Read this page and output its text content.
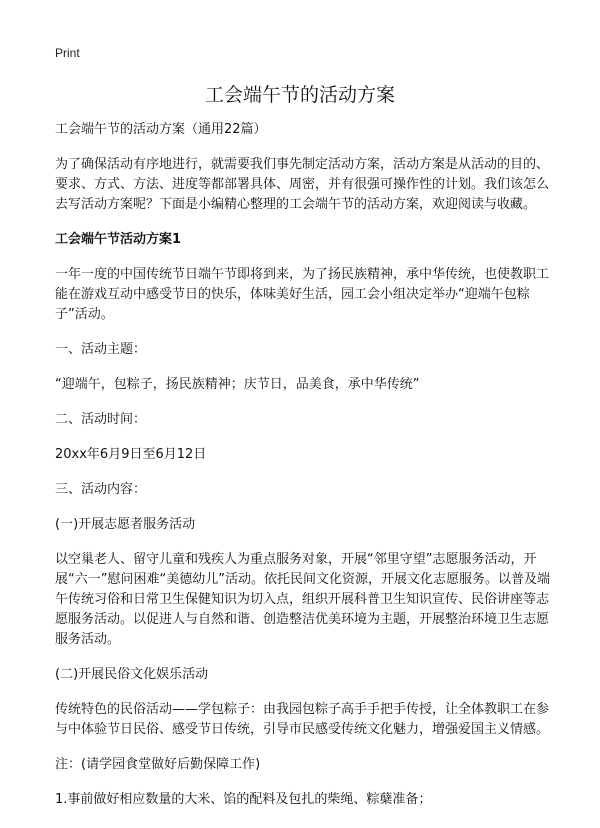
Print
工会端午节的活动方案

工会端午节的活动方案（通用22篇）

为了确保活动有序地进行，就需要我们事先制定活动方案，活动方案是从活动的目的、要求、方式、方法、进度等都部署具体、周密，并有很强可操作性的计划。我们该怎么去写活动方案呢？下面是小编精心整理的工会端午节的活动方案，欢迎阅读与收藏。

工会端午节活动方案1

一年一度的中国传统节日端午节即将到来，为了扬民族精神，承中华传统，也使教职工能在游戏互动中感受节日的快乐，体味美好生活，园工会小组决定举办“迎端午包粽子”活动。

一、活动主题：

“迎端午，包粽子，扬民族精神；庆节日，品美食，承中华传统”

二、活动时间：

20xx年6月9日至6月12日

三、活动内容：

(一)开展志愿者服务活动

以空巢老人、留守儿童和残疾人为重点服务对象，开展“邻里守望”志愿服务活动，开展“六一”慰问困难“美德幼儿”活动。依托民间文化资源，开展文化志愿服务。以普及端午传统习俗和日常卫生保健知识为切入点，组织开展科普卫生知识宣传、民俗讲座等志愿服务活动。以促进人与自然和谐、创造整洁优美环境为主题，开展整治环境卫生志愿服务活动。

(二)开展民俗文化娱乐活动

传统特色的民俗活动——学包粽子：由我园包粽子高手手把手传授，让全体教职工在参与中体验节日民俗、感受节日传统，引导市民感受传统文化魅力，增强爱国主义情感。

注：(请学园食堂做好后勤保障工作)

1.事前做好相应数量的大米、馅的配料及包扎的柴绳、粽蘖准备；
